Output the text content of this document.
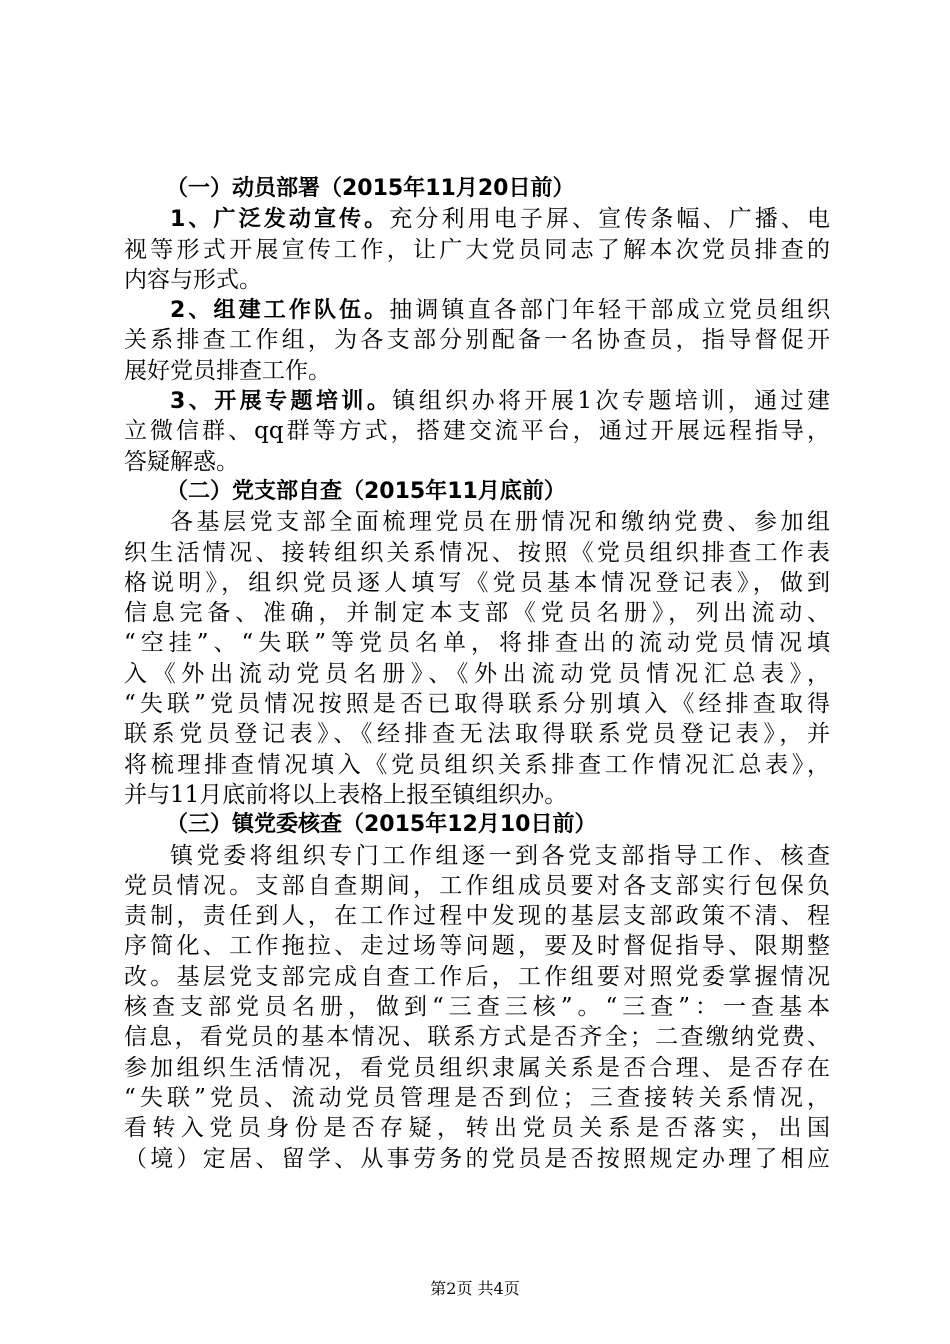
（一）动员部署（2015年11月20日前）
1、广泛发动宣传。充分利用电子屏、宣传条幅、广播、电
视等形式开展宣传工作，让广大党员同志了解本次党员排查的
内容与形式。
2、组建工作队伍。抽调镇直各部门年轻干部成立党员组织
关系排查工作组，为各支部分别配备一名协查员，指导督促开
展好党员排查工作。
3、开展专题培训。镇组织办将开展1次专题培训，通过建
立微信群、qq群等方式，搭建交流平台，通过开展远程指导，
答疑解惑。
（二）党支部自查（2015年11月底前）
各基层党支部全面梳理党员在册情况和缴纳党费、参加组
织生活情况、接转组织关系情况、按照《党员组织排查工作表
格说明》，组织党员逐人填写《党员基本情况登记表》，做到
信息完备、准确，并制定本支部《党员名册》，列出流动、
“空挂”、“失联”等党员名单，将排查出的流动党员情况填
入《外出流动党员名册》、《外出流动党员情况汇总表》，
“失联”党员情况按照是否已取得联系分别填入《经排查取得
联系党员登记表》、《经排查无法取得联系党员登记表》，并
将梳理排查情况填入《党员组织关系排查工作情况汇总表》，
并与11月底前将以上表格上报至镇组织办。
（三）镇党委核查（2015年12月10日前）
镇党委将组织专门工作组逐一到各党支部指导工作、核查
党员情况。支部自查期间，工作组成员要对各支部实行包保负
责制，责任到人，在工作过程中发现的基层支部政策不清、程
序简化、工作拖拉、走过场等问题，要及时督促指导、限期整
改。基层党支部完成自查工作后，工作组要对照党委掌握情况
核查支部党员名册，做到“三查三核”。“三查”：一查基本
信息，看党员的基本情况、联系方式是否齐全；二查缴纳党费、
参加组织生活情况，看党员组织隶属关系是否合理、是否存在
“失联”党员、流动党员管理是否到位；三查接转关系情况，
看转入党员身份是否存疑，转出党员关系是否落实，出国
（境）定居、留学、从事劳务的党员是否按照规定办理了相应
第2页 共4页
